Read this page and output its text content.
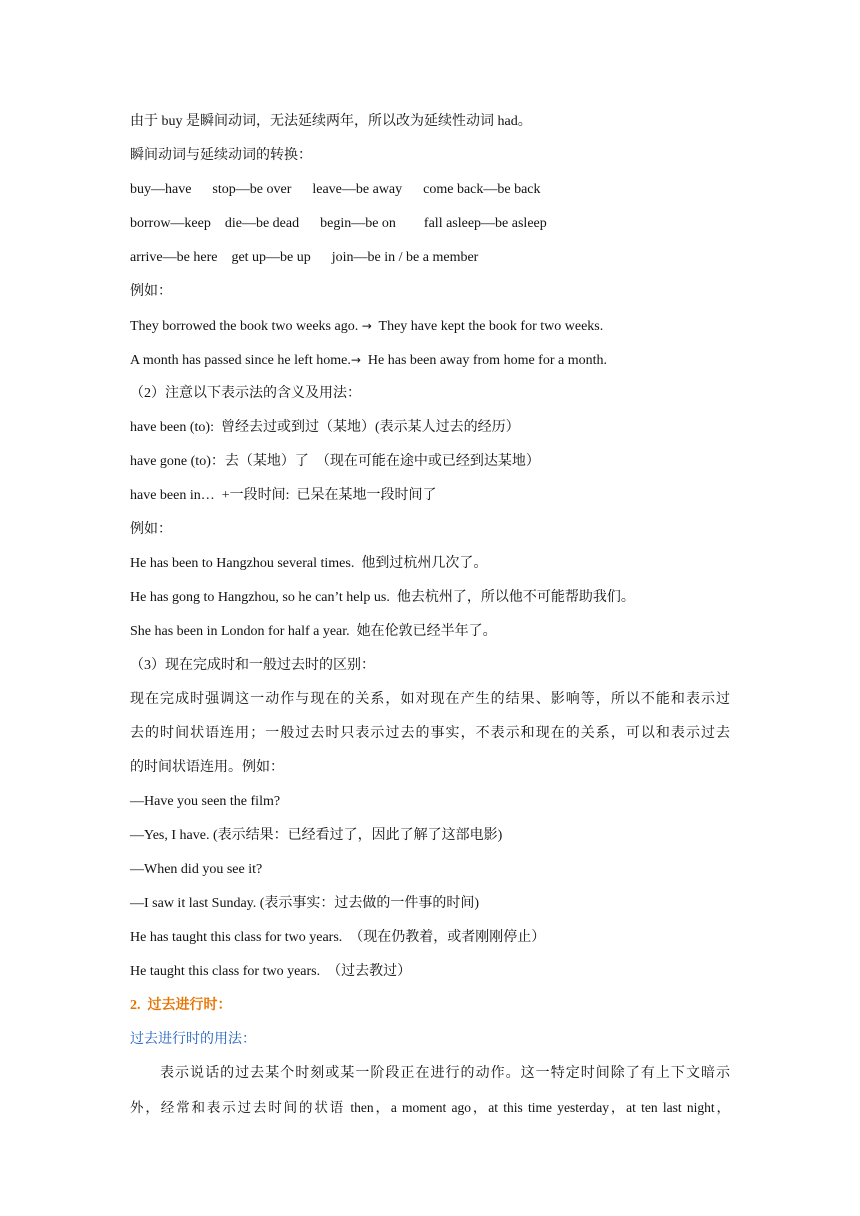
由于 buy 是瞬间动词，无法延续两年，所以改为延续性动词 had。

瞬间动词与延续动词的转换：

buy—have      stop—be over      leave—be away      come back—be back

borrow—keep    die—be dead      begin—be on        fall asleep—be asleep

arrive—be here    get up—be up      join—be in / be a member

例如：

They borrowed the book two weeks ago. →  They have kept the book for two weeks.

A month has passed since he left home.→  He has been away from home for a month.

（2）注意以下表示法的含义及用法：

have been (to):  曾经去过或到过（某地）(表示某人过去的经历）

have gone (to)：去（某地）了  （现在可能在途中或已经到达某地）

have been in…  +一段时间:  已呆在某地一段时间了

例如：

He has been to Hangzhou several times.  他到过杭州几次了。

He has gong to Hangzhou, so he can’t help us.  他去杭州了，所以他不可能帮助我们。

She has been in London for half a year.  她在伦敦已经半年了。

（3）现在完成时和一般过去时的区别：

现在完成时强调这一动作与现在的关系，如对现在产生的结果、影响等，所以不能和表示过

去的时间状语连用；一般过去时只表示过去的事实，不表示和现在的关系，可以和表示过去

的时间状语连用。例如：

—Have you seen the film?

—Yes, I have. (表示结果：已经看过了，因此了解了这部电影)

—When did you see it?

—I saw it last Sunday. (表示事实：过去做的一件事的时间)

He has taught this class for two years.  （现在仍教着，或者刚刚停止）

He taught this class for two years.  （过去教过）

2.  过去进行时：

过去进行时的用法：

表示说话的过去某个时刻或某一阶段正在进行的动作。这一特定时间除了有上下文暗示

外，经常和表示过去时间的状语 then，a moment ago，at this time yesterday，at ten last night，
